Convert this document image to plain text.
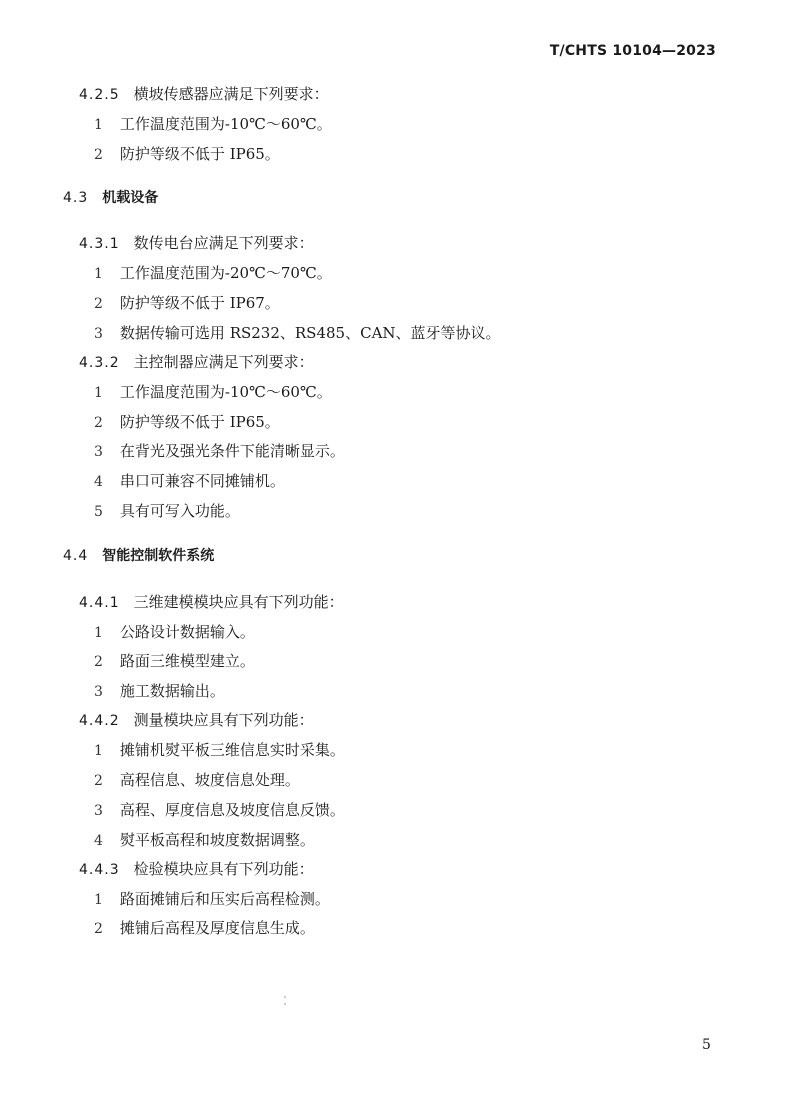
T/CHTS 10104—2023
4.2.5 横坡传感器应满足下列要求：
1 工作温度范围为-10℃～60℃。
2 防护等级不低于 IP65。
4.3 机载设备
4.3.1 数传电台应满足下列要求：
1 工作温度范围为-20℃～70℃。
2 防护等级不低于 IP67。
3 数据传输可选用 RS232、RS485、CAN、蓝牙等协议。
4.3.2 主控制器应满足下列要求：
1 工作温度范围为-10℃～60℃。
2 防护等级不低于 IP65。
3 在背光及强光条件下能清晰显示。
4 串口可兼容不同摊铺机。
5 具有可写入功能。
4.4 智能控制软件系统
4.4.1 三维建模模块应具有下列功能：
1 公路设计数据输入。
2 路面三维模型建立。
3 施工数据输出。
4.4.2 测量模块应具有下列功能：
1 摊铺机熨平板三维信息实时采集。
2 高程信息、坡度信息处理。
3 高程、厚度信息及坡度信息反馈。
4 熨平板高程和坡度数据调整。
4.4.3 检验模块应具有下列功能：
1 路面摊铺后和压实后高程检测。
2 摊铺后高程及厚度信息生成。
5
